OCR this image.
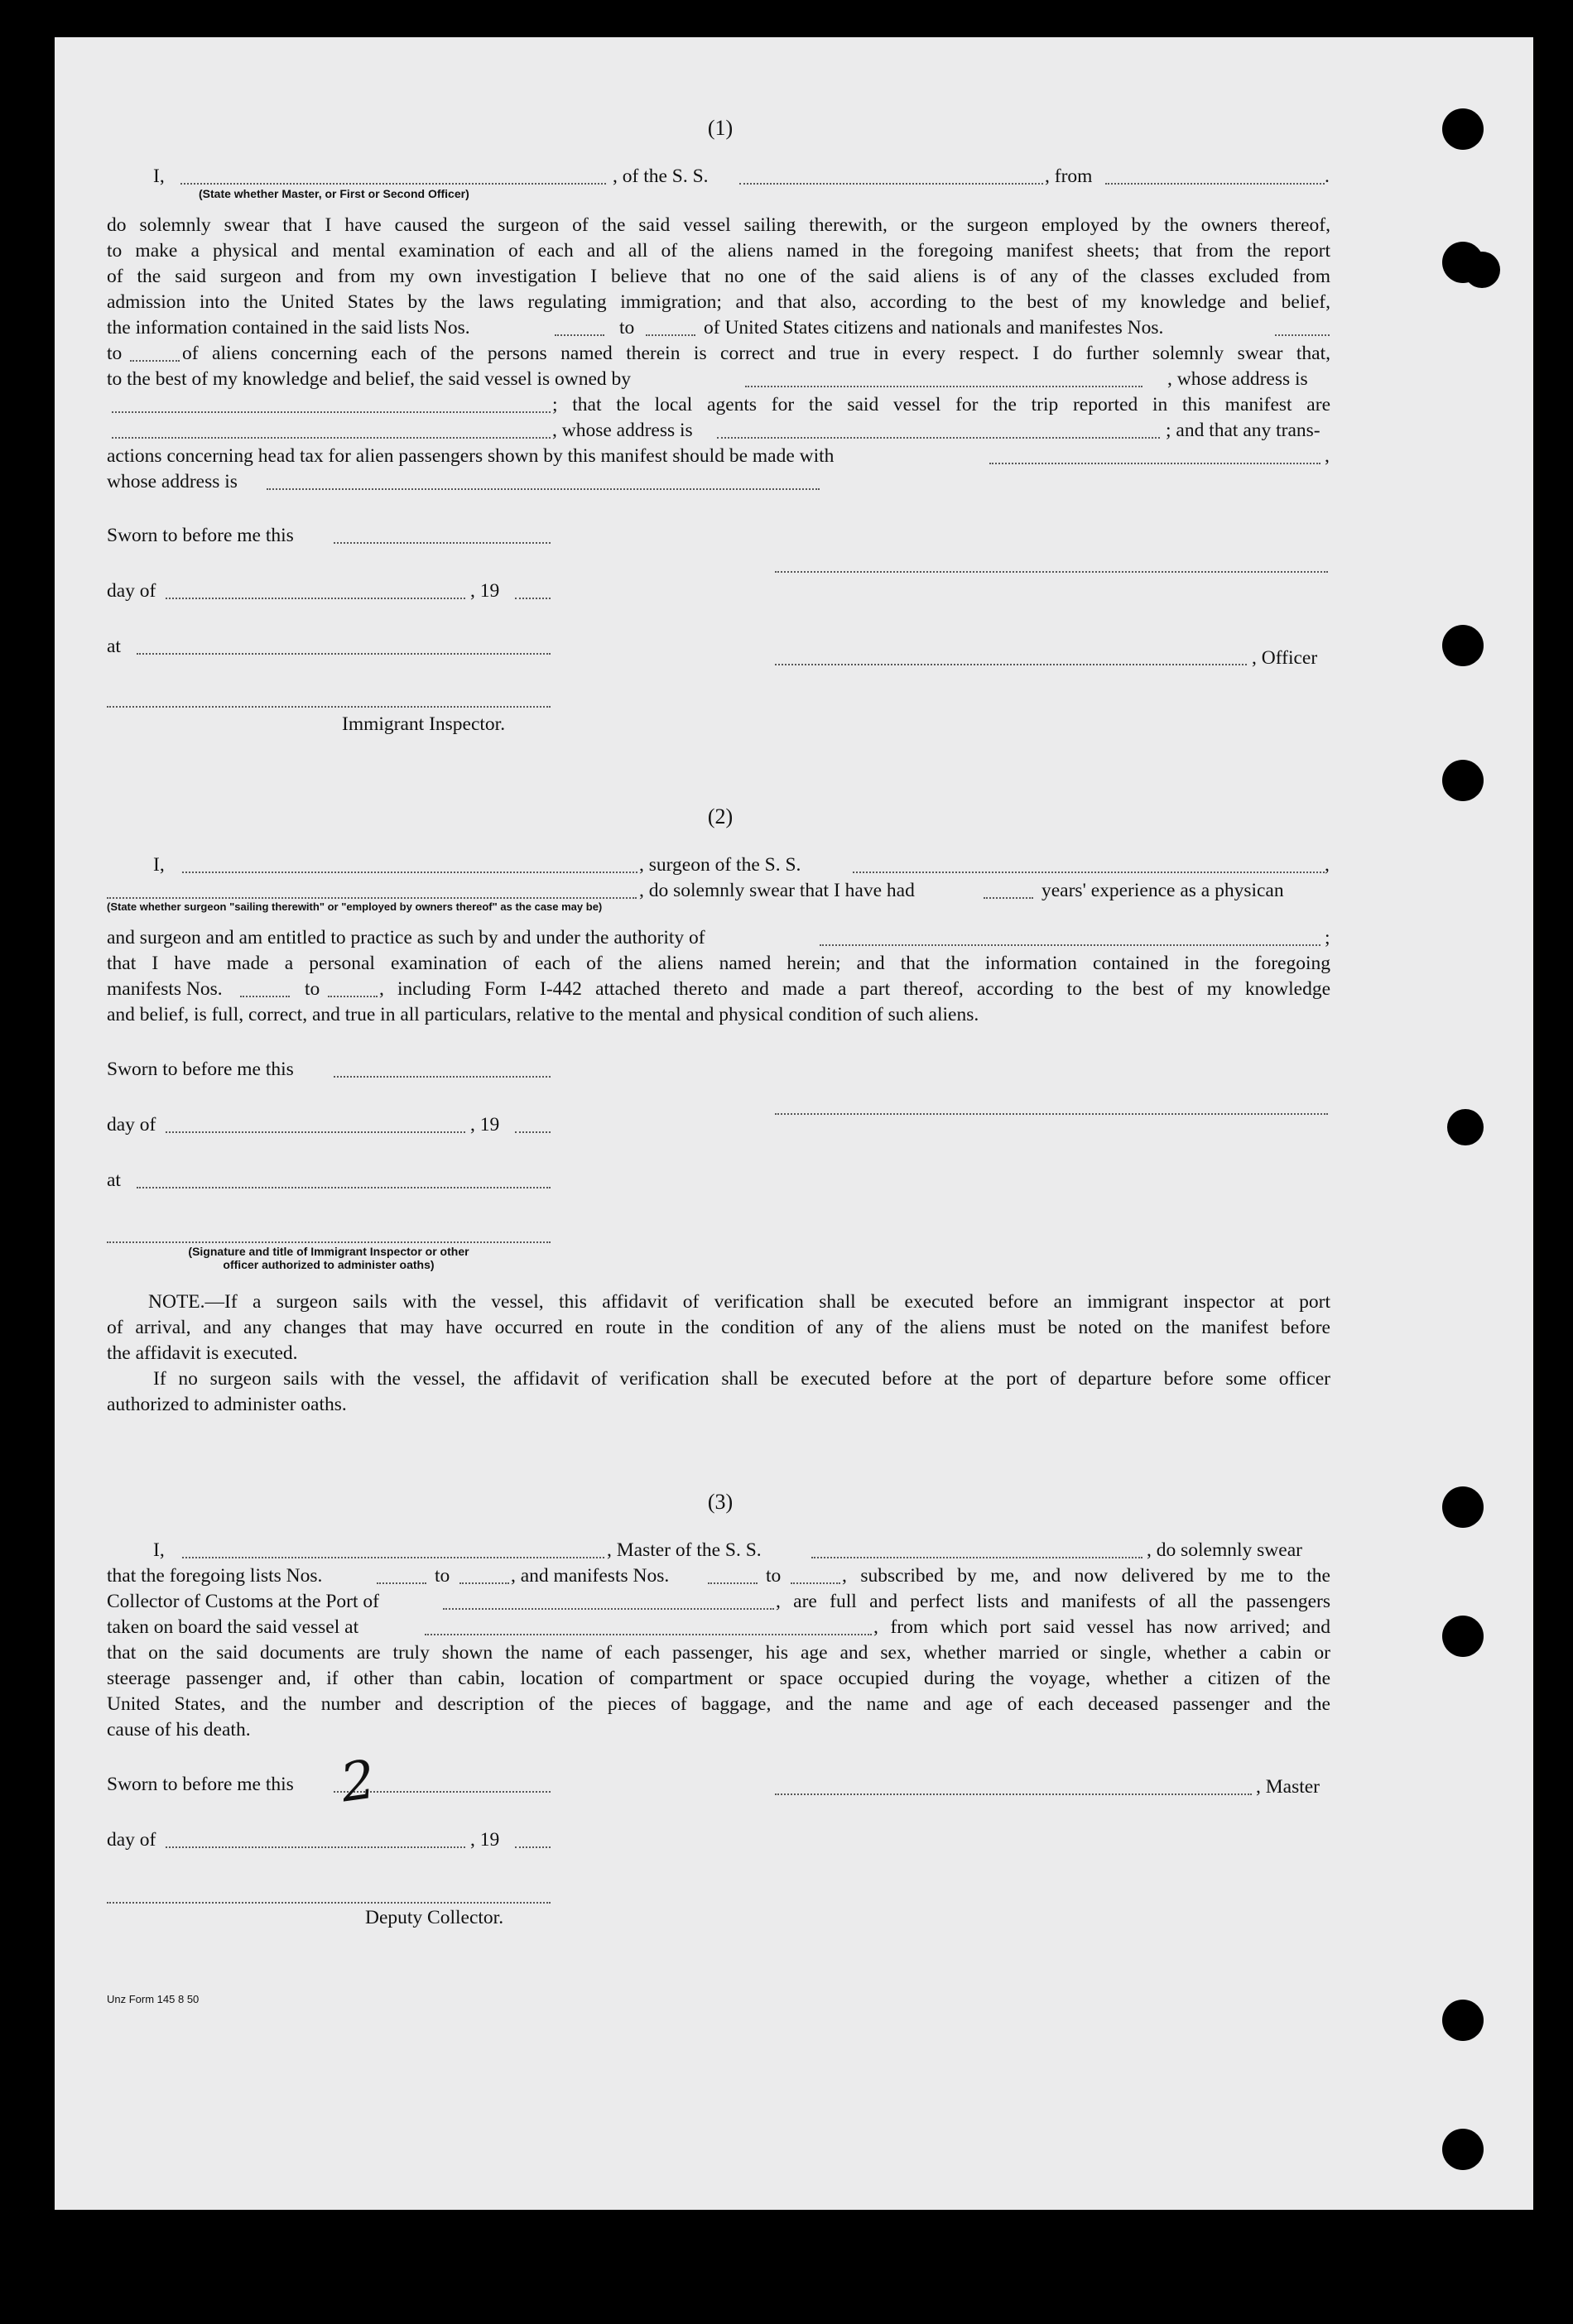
(1)
I,	, of the S. S.	, from	.
(State whether Master, or First or Second Officer)
do solemnly swear that I have caused the surgeon of the said vessel sailing therewith, or the surgeon employed by the owners thereof,
to make a physical and mental examination of each and all of the aliens named in the foregoing manifest sheets; that from the report
of the said surgeon and from my own investigation I believe that no one of the said aliens is of any of the classes excluded from
admission into the United States by the laws regulating immigration; and that also, according to the best of my knowledge and belief,
the information contained in the said lists Nos.	to	of United States citizens and nationals and manifestes Nos.
to	of aliens concerning each of the persons named therein is correct and true in every respect. I do further solemnly swear that,
to the best of my knowledge and belief, the said vessel is owned by	, whose address is
; that the local agents for the said vessel for the trip reported in this manifest are
, whose address is	; and that any trans-
actions concerning head tax for alien passengers shown by this manifest should be made with	,
whose address is
Sworn to before me this
day of	, 19
at
, Officer
Immigrant Inspector.
(2)
I,	, surgeon of the S. S.	,
, do solemnly swear that I have had	years' experience as a physican
(State whether surgeon "sailing therewith" or "employed by owners thereof" as the case may be)
and surgeon and am entitled to practice as such by and under the authority of	;
that I have made a personal examination of each of the aliens named herein; and that the information contained in the foregoing
manifests Nos.	to	, including Form I-442 attached thereto and made a part thereof, according to the best of my knowledge
and belief, is full, correct, and true in all particulars, relative to the mental and physical condition of such aliens.
Sworn to before me this
day of	, 19
at
(Signature and title of Immigrant Inspector or other
officer authorized to administer oaths)
NOTE.—If a surgeon sails with the vessel, this affidavit of verification shall be executed before an immigrant inspector at port
of arrival, and any changes that may have occurred en route in the condition of any of the aliens must be noted on the manifest before
the affidavit is executed.
If no surgeon sails with the vessel, the affidavit of verification shall be executed before at the port of departure before some officer
authorized to administer oaths.
(3)
I,	, Master of the S. S.	, do solemnly swear
that the foregoing lists Nos.	to	, and manifests Nos.	to	, subscribed by me, and now delivered by me to the
Collector of Customs at the Port of	, are full and perfect lists and manifests of all the passengers
taken on board the said vessel at	, from which port said vessel has now arrived; and
that on the said documents are truly shown the name of each passenger, his age and sex, whether married or single, whether a cabin or
steerage passenger and, if other than cabin, location of compartment or space occupied during the voyage, whether a citizen of the
United States, and the number and description of the pieces of baggage, and the name and age of each deceased passenger and the
cause of his death.
Sworn to before me this 2	, Master
day of	, 19
Deputy Collector.
Unz Form 145 8 50
